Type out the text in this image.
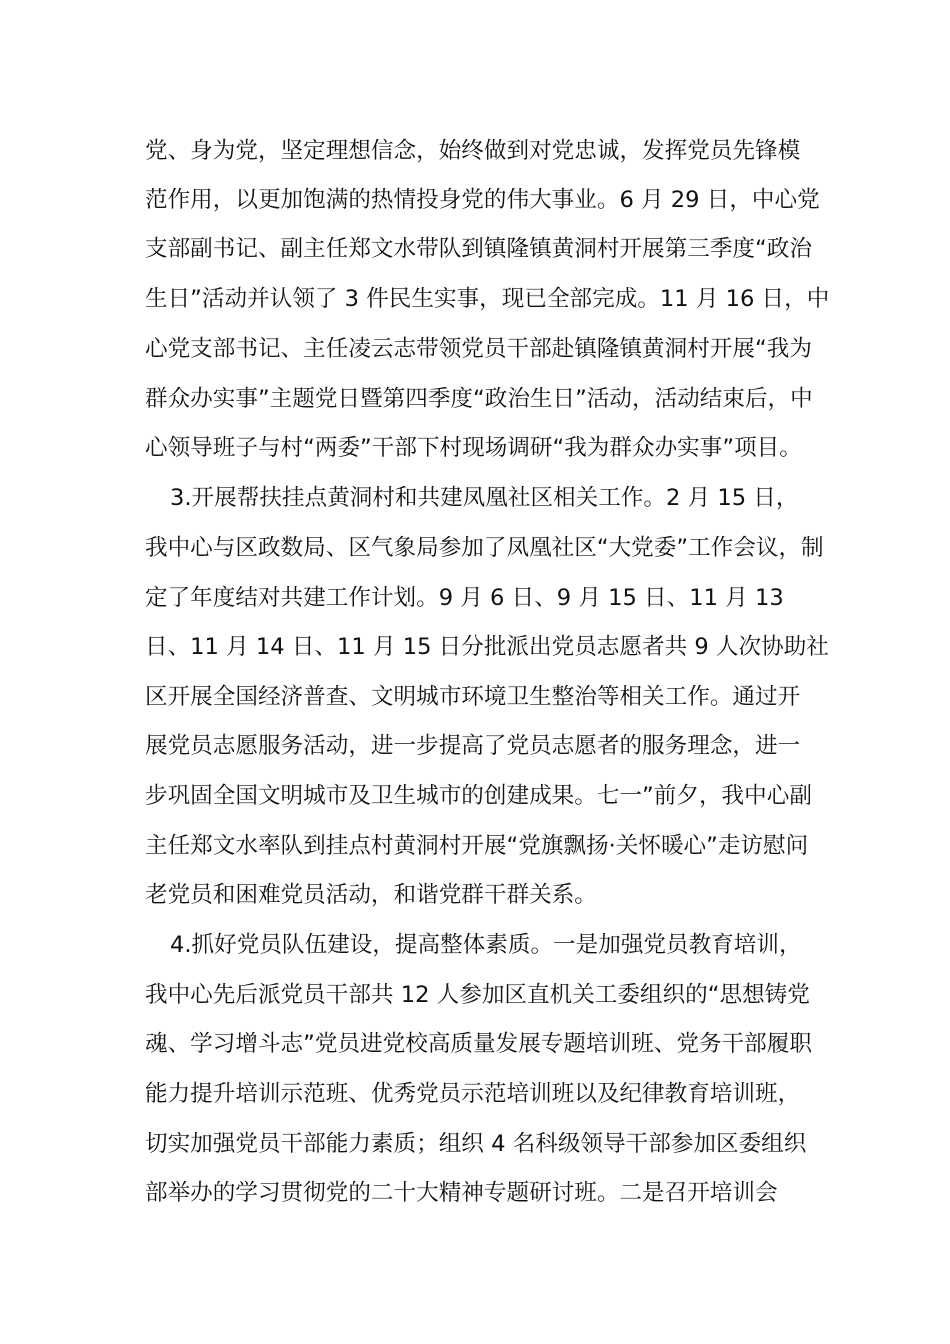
党、身为党，坚定理想信念，始终做到对党忠诚，发挥党员先锋模
范作用，以更加饱满的热情投身党的伟大事业。6 月 29 日，中心党
支部副书记、副主任郑文水带队到镇隆镇黄洞村开展第三季度“政治
生日”活动并认领了 3 件民生实事，现已全部完成。11 月 16 日，中
心党支部书记、主任凌云志带领党员干部赴镇隆镇黄洞村开展“我为
群众办实事”主题党日暨第四季度“政治生日”活动，活动结束后，中
心领导班子与村“两委”干部下村现场调研“我为群众办实事”项目。
3.开展帮扶挂点黄洞村和共建凤凰社区相关工作。2 月 15 日，
我中心与区政数局、区气象局参加了凤凰社区“大党委”工作会议，制
定了年度结对共建工作计划。9 月 6 日、9 月 15 日、11 月 13
日、11 月 14 日、11 月 15 日分批派出党员志愿者共 9 人次协助社
区开展全国经济普查、文明城市环境卫生整治等相关工作。通过开
展党员志愿服务活动，进一步提高了党员志愿者的服务理念，进一
步巩固全国文明城市及卫生城市的创建成果。七一”前夕，我中心副
主任郑文水率队到挂点村黄洞村开展“党旗飘扬·关怀暖心”走访慰问
老党员和困难党员活动，和谐党群干群关系。
4.抓好党员队伍建设，提高整体素质。一是加强党员教育培训，
我中心先后派党员干部共 12 人参加区直机关工委组织的“思想铸党
魂、学习增斗志”党员进党校高质量发展专题培训班、党务干部履职
能力提升培训示范班、优秀党员示范培训班以及纪律教育培训班，
切实加强党员干部能力素质；组织 4 名科级领导干部参加区委组织
部举办的学习贯彻党的二十大精神专题研讨班。二是召开培训会
